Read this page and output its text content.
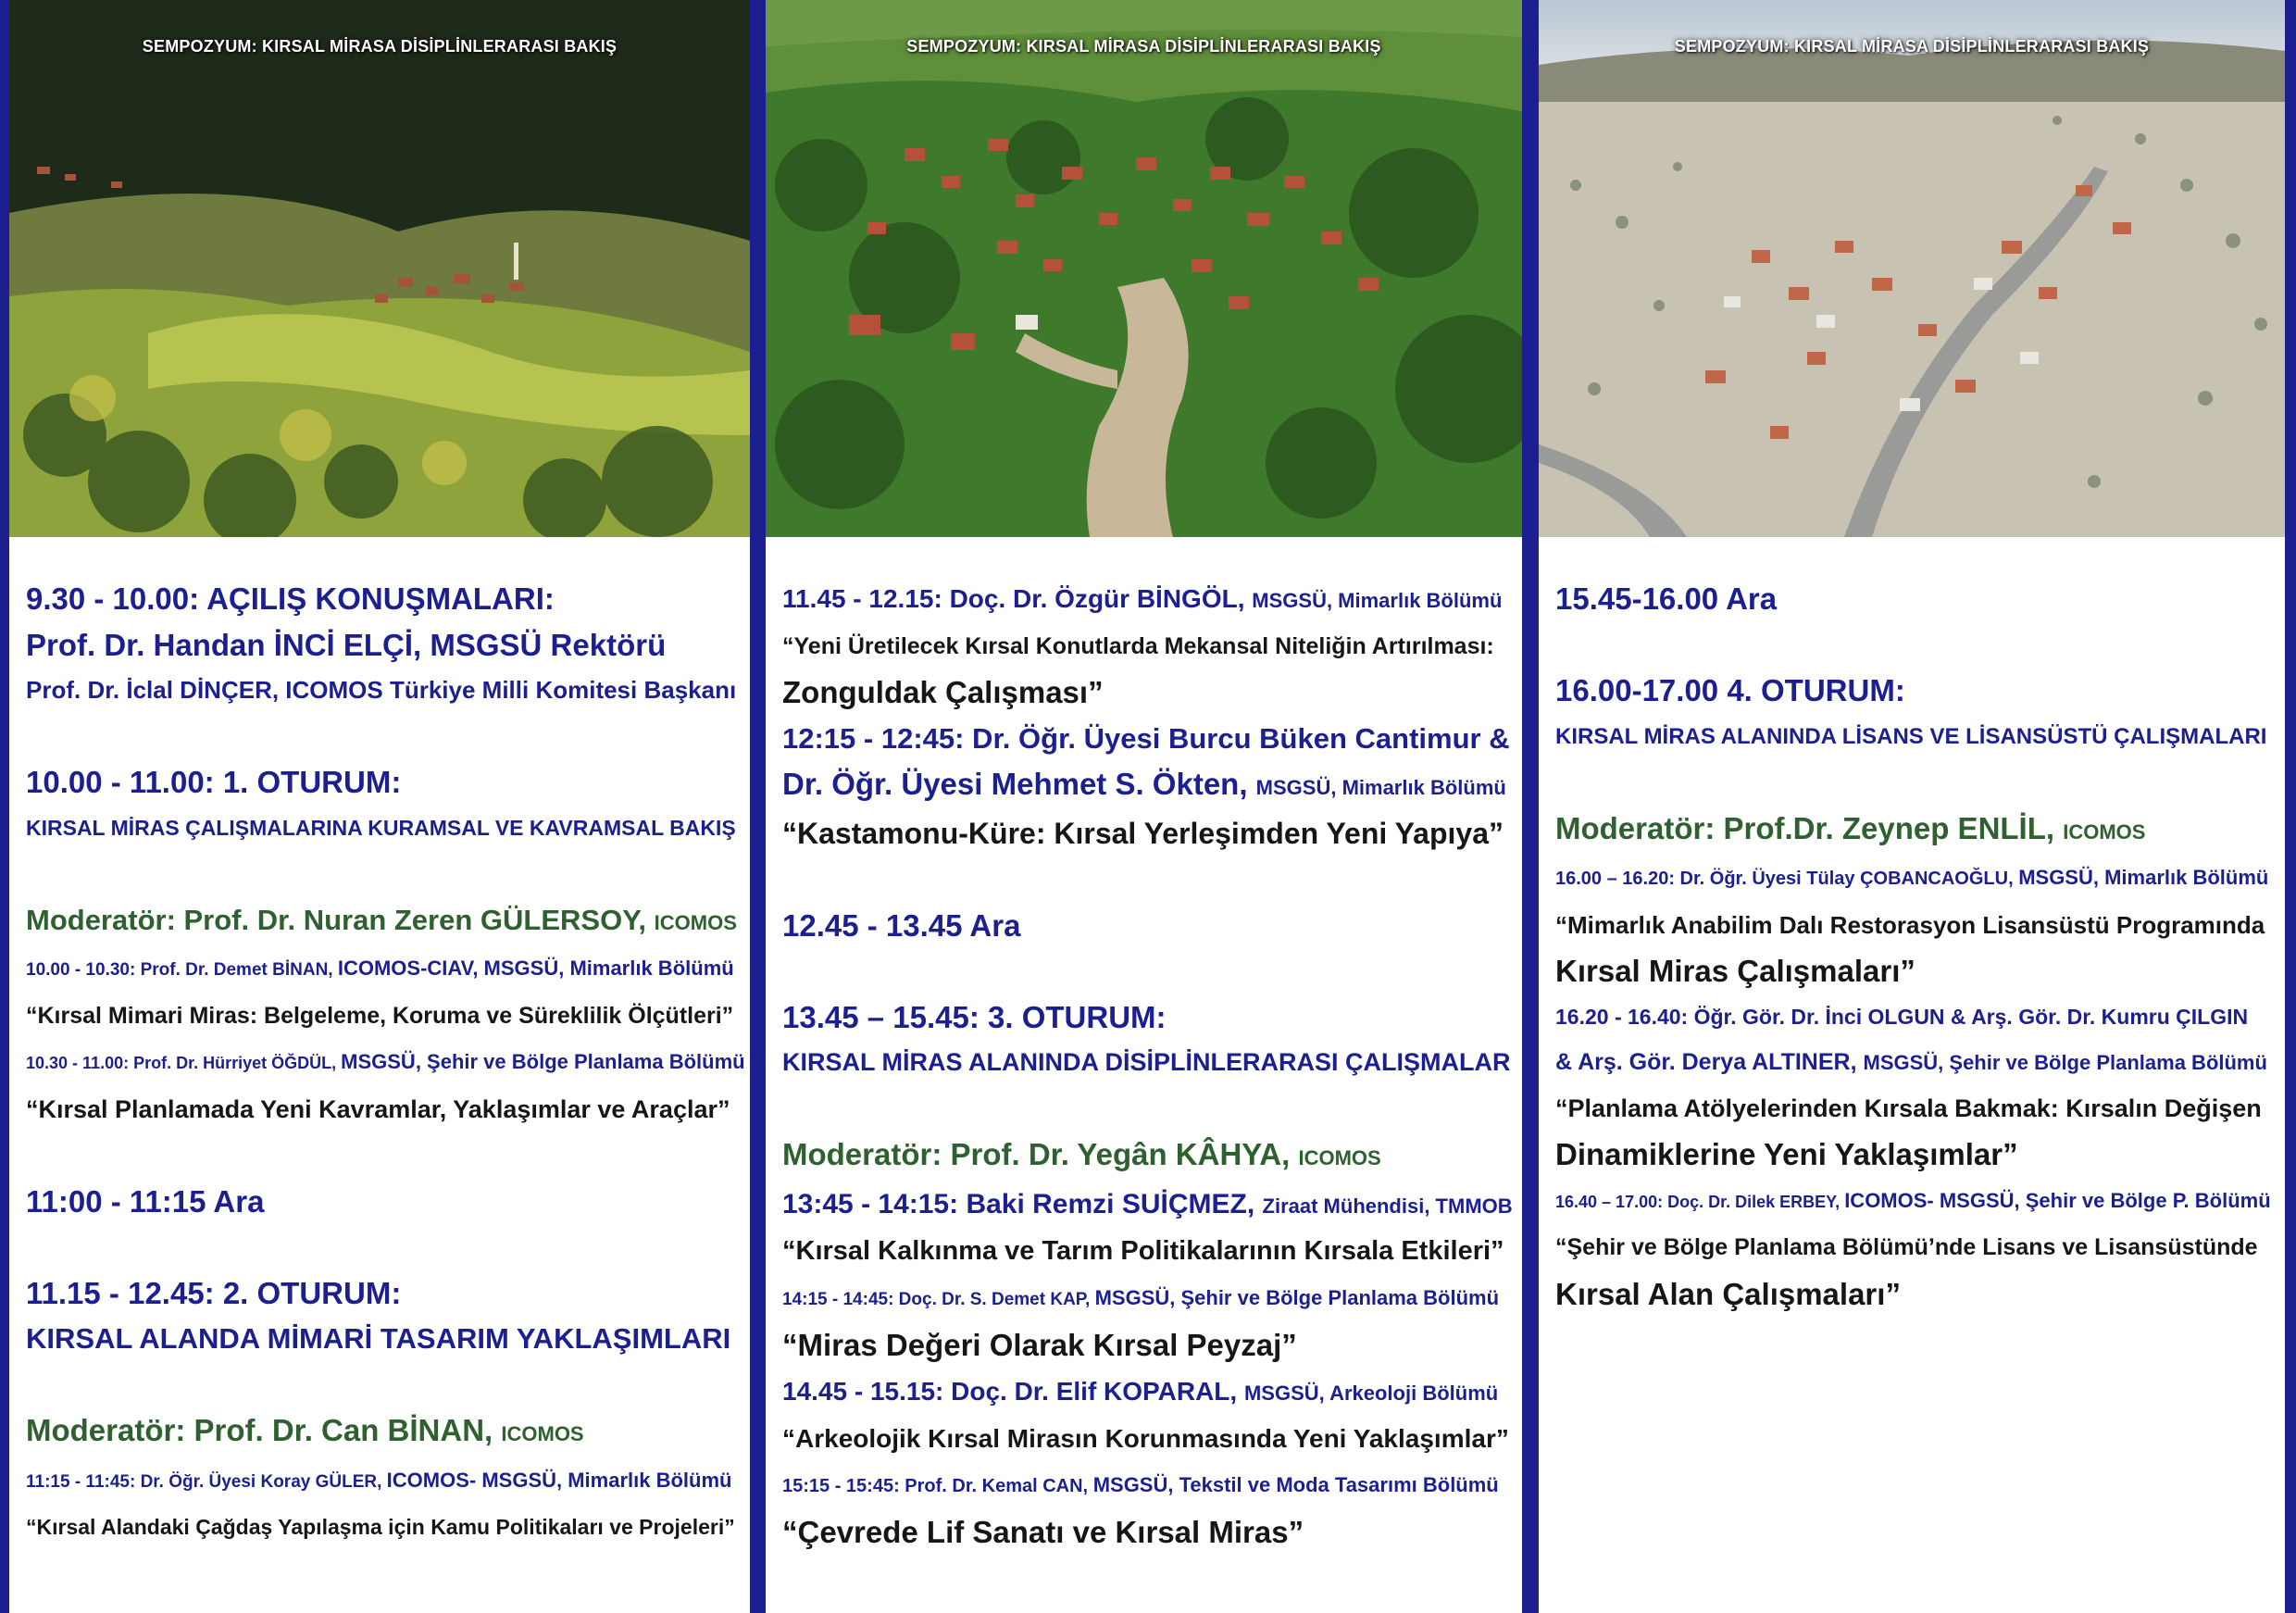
SEMPOZYUM: KIRSAL MİRASA DİSİPLİNLERARASI BAKIŞ
9.30 - 10.00: AÇILIŞ KONUŞMALARI:
Prof. Dr. Handan İNCİ ELÇİ, MSGSÜ Rektörü
Prof. Dr. İclal DİNÇER, ICOMOS Türkiye Milli Komitesi Başkanı
10.00 - 11.00: 1. OTURUM:
KIRSAL MİRAS ÇALIŞMALARINA KURAMSAL VE KAVRAMSAL BAKIŞ
Moderatör: Prof. Dr. Nuran Zeren GÜLERSOY, ICOMOS
10.00 - 10.30: Prof. Dr. Demet BİNAN, ICOMOS-CIAV, MSGSÜ, Mimarlık Bölümü
“Kırsal Mimari Miras: Belgeleme, Koruma ve Süreklilik Ölçütleri”
10.30 - 11.00: Prof. Dr. Hürriyet ÖĞDÜL, MSGSÜ, Şehir ve Bölge Planlama Bölümü
“Kırsal Planlamada Yeni Kavramlar, Yaklaşımlar ve Araçlar”
11:00 - 11:15 Ara
11.15 - 12.45: 2. OTURUM:
KIRSAL ALANDA MİMARİ TASARIM YAKLAŞIMLARI
Moderatör: Prof. Dr. Can BİNAN, ICOMOS
11:15 - 11:45: Dr. Öğr. Üyesi Koray GÜLER, ICOMOS- MSGSÜ, Mimarlık Bölümü
“Kırsal Alandaki Çağdaş Yapılaşma için Kamu Politikaları ve Projeleri”
SEMPOZYUM: KIRSAL MİRASA DİSİPLİNLERARASI BAKIŞ
11.45 - 12.15: Doç. Dr. Özgür BİNGÖL, MSGSÜ, Mimarlık Bölümü
“Yeni Üretilecek Kırsal Konutlarda Mekansal Niteliğin Artırılması:
Zonguldak Çalışması”
12:15 - 12:45: Dr. Öğr. Üyesi Burcu Büken Cantimur &
Dr. Öğr. Üyesi Mehmet S. Ökten, MSGSÜ, Mimarlık Bölümü
“Kastamonu-Küre: Kırsal Yerleşimden Yeni Yapıya”
12.45 - 13.45 Ara
13.45 – 15.45: 3. OTURUM:
KIRSAL MİRAS ALANINDA DİSİPLİNLERARASI ÇALIŞMALAR
Moderatör: Prof. Dr. Yegân KÂHYA, ICOMOS
13:45 - 14:15: Baki Remzi SUİÇMEZ, Ziraat Mühendisi, TMMOB
“Kırsal Kalkınma ve Tarım Politikalarının Kırsala Etkileri”
14:15 - 14:45: Doç. Dr. S. Demet KAP, MSGSÜ, Şehir ve Bölge Planlama Bölümü
“Miras Değeri Olarak Kırsal Peyzaj”
14.45 - 15.15: Doç. Dr. Elif KOPARAL, MSGSÜ, Arkeoloji Bölümü
“Arkeolojik Kırsal Mirasın Korunmasında Yeni Yaklaşımlar”
15:15 - 15:45: Prof. Dr. Kemal CAN, MSGSÜ, Tekstil ve Moda Tasarımı Bölümü
“Çevrede Lif Sanatı ve Kırsal Miras”
SEMPOZYUM: KIRSAL MİRASA DİSİPLİNLERARASI BAKIŞ
15.45-16.00 Ara
16.00-17.00 4. OTURUM:
KIRSAL MİRAS ALANINDA LİSANS VE LİSANSÜSTÜ ÇALIŞMALARI
Moderatör: Prof.Dr. Zeynep ENLİL, ICOMOS
16.00 – 16.20: Dr. Öğr. Üyesi Tülay ÇOBANCAOĞLU, MSGSÜ, Mimarlık Bölümü
“Mimarlık Anabilim Dalı Restorasyon Lisansüstü Programında
Kırsal Miras Çalışmaları”
16.20 - 16.40: Öğr. Gör. Dr. İnci OLGUN & Arş. Gör. Dr. Kumru ÇILGIN
& Arş. Gör. Derya ALTINER, MSGSÜ, Şehir ve Bölge Planlama Bölümü
“Planlama Atölyelerinden Kırsala Bakmak: Kırsalın Değişen
Dinamiklerine Yeni Yaklaşımlar”
16.40 – 17.00: Doç. Dr. Dilek ERBEY, ICOMOS- MSGSÜ, Şehir ve Bölge P. Bölümü
“Şehir ve Bölge Planlama Bölümü’nde Lisans ve Lisansüstünde
Kırsal Alan Çalışmaları”
